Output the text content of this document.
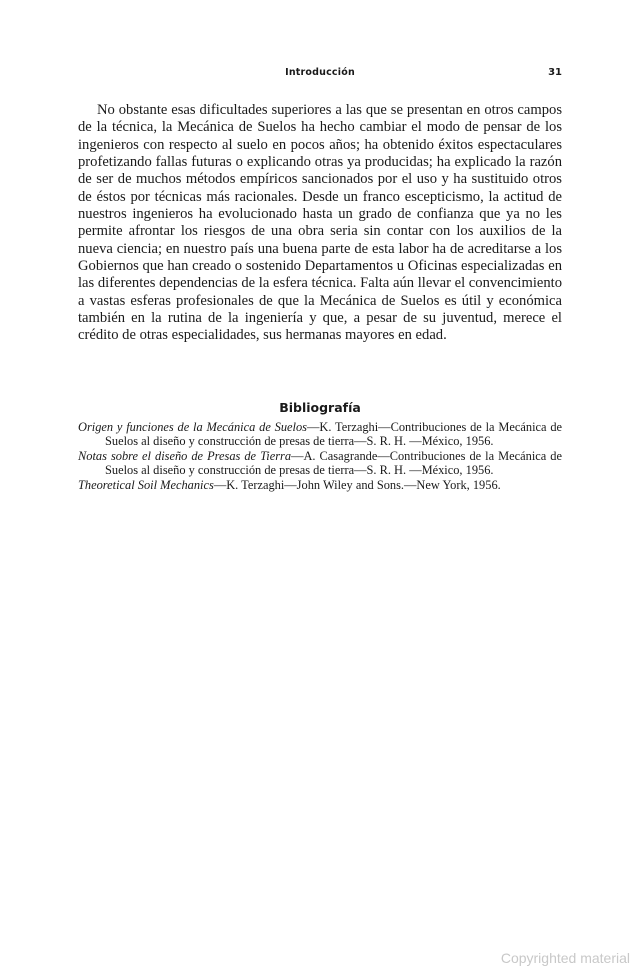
Introducción	31

No obstante esas dificultades superiores a las que se presentan en otros campos de la técnica, la Mecánica de Suelos ha hecho cambiar el modo de pensar de los ingenieros con respecto al suelo en pocos años; ha obtenido éxitos espectaculares profetizando fallas futuras o explicando otras ya producidas; ha explicado la razón de ser de muchos métodos empíricos sancionados por el uso y ha sustituido otros de éstos por técnicas más racionales. Desde un franco escepticismo, la actitud de nuestros ingenieros ha evolucionado hasta un grado de confianza que ya no les permite afrontar los riesgos de una obra seria sin contar con los auxilios de la nueva ciencia; en nuestro país una buena parte de esta labor ha de acreditarse a los Gobiernos que han creado o sostenido Departamentos u Oficinas especializadas en las diferentes dependencias de la esfera técnica. Falta aún llevar el convencimiento a vastas esferas profesionales de que la Mecánica de Suelos es útil y económica también en la rutina de la ingeniería y que, a pesar de su juventud, merece el crédito de otras especialidades, sus hermanas mayores en edad.

Bibliografía
Origen y funciones de la Mecánica de Suelos—K. Terzaghi—Contribuciones de la Mecánica de Suelos al diseño y construcción de presas de tierra—S. R. H. —México, 1956.
Notas sobre el diseño de Presas de Tierra—A. Casagrande—Contribuciones de la Mecánica de Suelos al diseño y construcción de presas de tierra—S. R. H. —México, 1956.
Theoretical Soil Mechanics—K. Terzaghi—John Wiley and Sons.—New York, 1956.
Copyrighted material
